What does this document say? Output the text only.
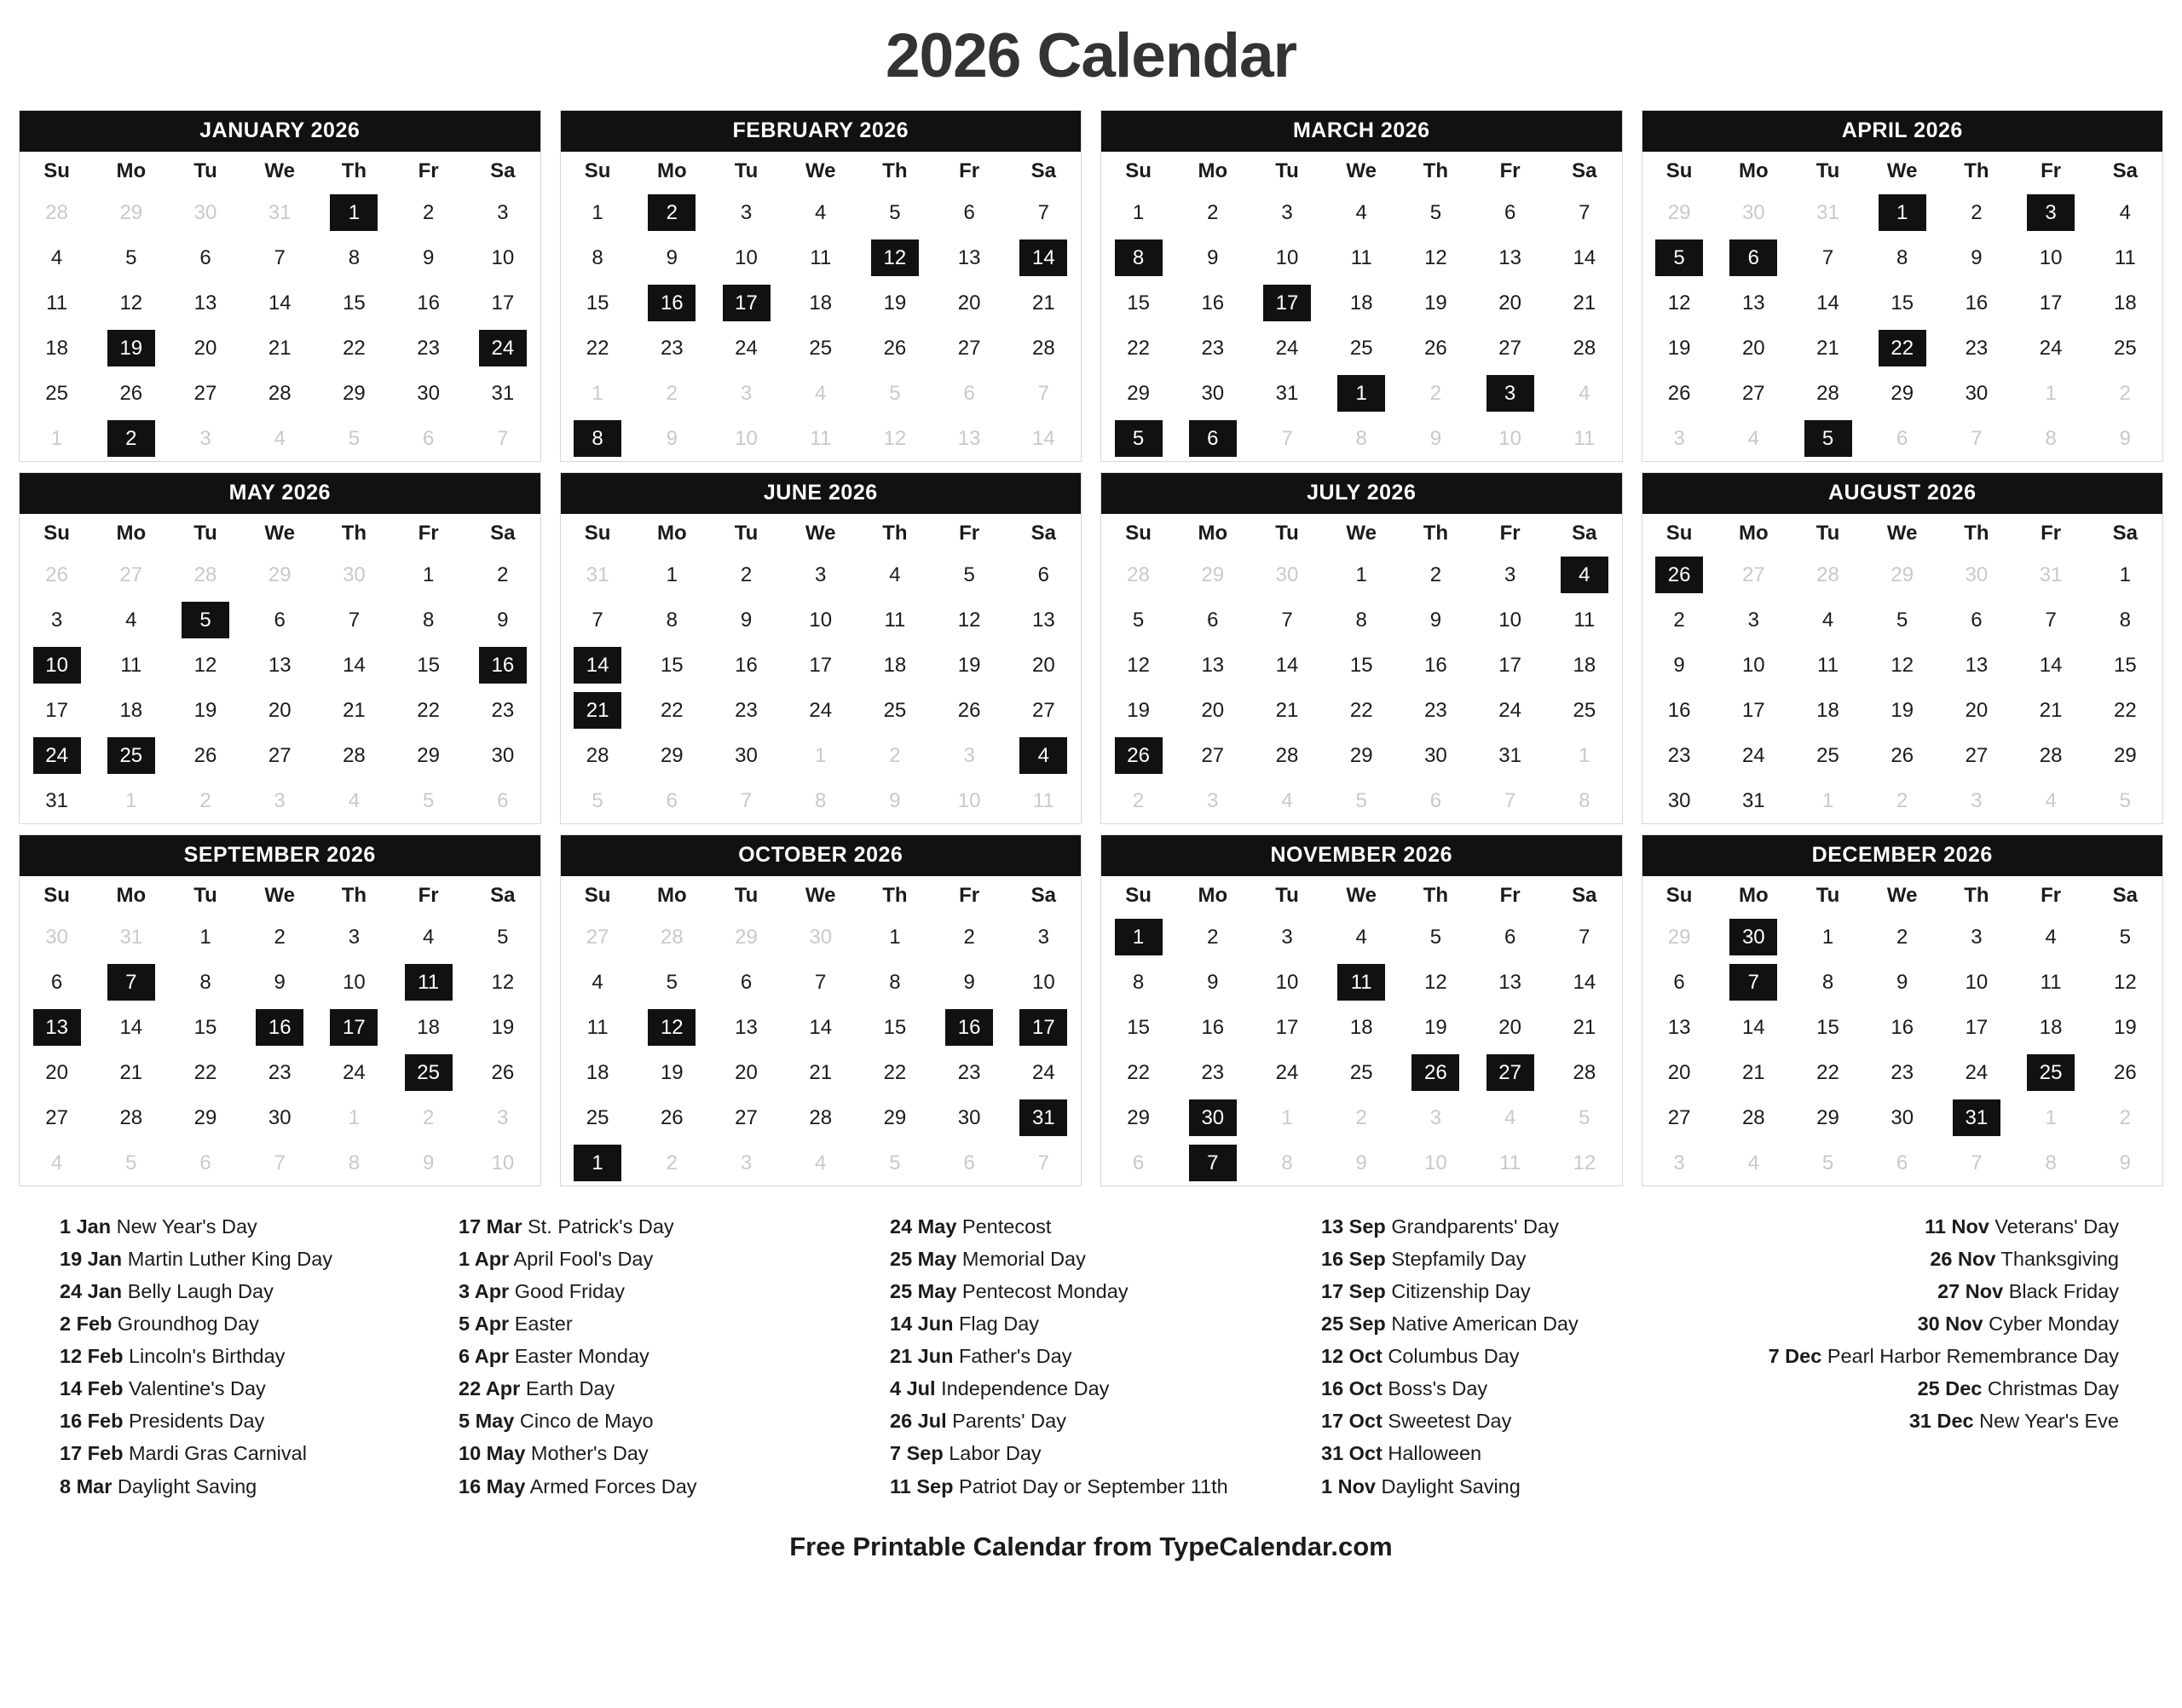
2026 Calendar
JANUARY 2026
Su	Mo	Tu	We	Th	Fr	Sa

28	29	30	31	1	2	3

4	5	6	7	8	9	10

11	12	13	14	15	16	17

18	19	20	21	22	23	24

25	26	27	28	29	30	31

1	2	3	4	5	6	7
FEBRUARY 2026
Su	Mo	Tu	We	Th	Fr	Sa

1	2	3	4	5	6	7

8	9	10	11	12	13	14

15	16	17	18	19	20	21

22	23	24	25	26	27	28

1	2	3	4	5	6	7

8	9	10	11	12	13	14
MARCH 2026
Su	Mo	Tu	We	Th	Fr	Sa

1	2	3	4	5	6	7

8	9	10	11	12	13	14

15	16	17	18	19	20	21

22	23	24	25	26	27	28

29	30	31	1	2	3	4

5	6	7	8	9	10	11
APRIL 2026
Su	Mo	Tu	We	Th	Fr	Sa

29	30	31	1	2	3	4

5	6	7	8	9	10	11

12	13	14	15	16	17	18

19	20	21	22	23	24	25

26	27	28	29	30	1	2

3	4	5	6	7	8	9
MAY 2026
Su	Mo	Tu	We	Th	Fr	Sa

26	27	28	29	30	1	2

3	4	5	6	7	8	9

10	11	12	13	14	15	16

17	18	19	20	21	22	23

24	25	26	27	28	29	30

31	1	2	3	4	5	6
JUNE 2026
Su	Mo	Tu	We	Th	Fr	Sa

31	1	2	3	4	5	6

7	8	9	10	11	12	13

14	15	16	17	18	19	20

21	22	23	24	25	26	27

28	29	30	1	2	3	4

5	6	7	8	9	10	11
JULY 2026
Su	Mo	Tu	We	Th	Fr	Sa

28	29	30	1	2	3	4

5	6	7	8	9	10	11

12	13	14	15	16	17	18

19	20	21	22	23	24	25

26	27	28	29	30	31	1

2	3	4	5	6	7	8
AUGUST 2026
Su	Mo	Tu	We	Th	Fr	Sa

26	27	28	29	30	31	1

2	3	4	5	6	7	8

9	10	11	12	13	14	15

16	17	18	19	20	21	22

23	24	25	26	27	28	29

30	31	1	2	3	4	5
SEPTEMBER 2026
Su	Mo	Tu	We	Th	Fr	Sa

30	31	1	2	3	4	5

6	7	8	9	10	11	12

13	14	15	16	17	18	19

20	21	22	23	24	25	26

27	28	29	30	1	2	3

4	5	6	7	8	9	10
OCTOBER 2026
Su	Mo	Tu	We	Th	Fr	Sa

27	28	29	30	1	2	3

4	5	6	7	8	9	10

11	12	13	14	15	16	17

18	19	20	21	22	23	24

25	26	27	28	29	30	31

1	2	3	4	5	6	7
NOVEMBER 2026
Su	Mo	Tu	We	Th	Fr	Sa

1	2	3	4	5	6	7

8	9	10	11	12	13	14

15	16	17	18	19	20	21

22	23	24	25	26	27	28

29	30	1	2	3	4	5

6	7	8	9	10	11	12
DECEMBER 2026
Su	Mo	Tu	We	Th	Fr	Sa

29	30	1	2	3	4	5

6	7	8	9	10	11	12

13	14	15	16	17	18	19

20	21	22	23	24	25	26

27	28	29	30	31	1	2

3	4	5	6	7	8	9
1 Jan New Year's Day
19 Jan Martin Luther King Day
24 Jan Belly Laugh Day
2 Feb Groundhog Day
12 Feb Lincoln's Birthday
14 Feb Valentine's Day
16 Feb Presidents Day
17 Feb Mardi Gras Carnival
8 Mar Daylight Saving
17 Mar St. Patrick's Day
1 Apr April Fool's Day
3 Apr Good Friday
5 Apr Easter
6 Apr Easter Monday
22 Apr Earth Day
5 May Cinco de Mayo
10 May Mother's Day
16 May Armed Forces Day
24 May Pentecost
25 May Memorial Day
25 May Pentecost Monday
14 Jun Flag Day
21 Jun Father's Day
4 Jul Independence Day
26 Jul Parents' Day
7 Sep Labor Day
11 Sep Patriot Day or September 11th
13 Sep Grandparents' Day
16 Sep Stepfamily Day
17 Sep Citizenship Day
25 Sep Native American Day
12 Oct Columbus Day
16 Oct Boss's Day
17 Oct Sweetest Day
31 Oct Halloween
1 Nov Daylight Saving
11 Nov Veterans' Day
26 Nov Thanksgiving
27 Nov Black Friday
30 Nov Cyber Monday
7 Dec Pearl Harbor Remembrance Day
25 Dec Christmas Day
31 Dec New Year's Eve
Free Printable Calendar from TypeCalendar.com
